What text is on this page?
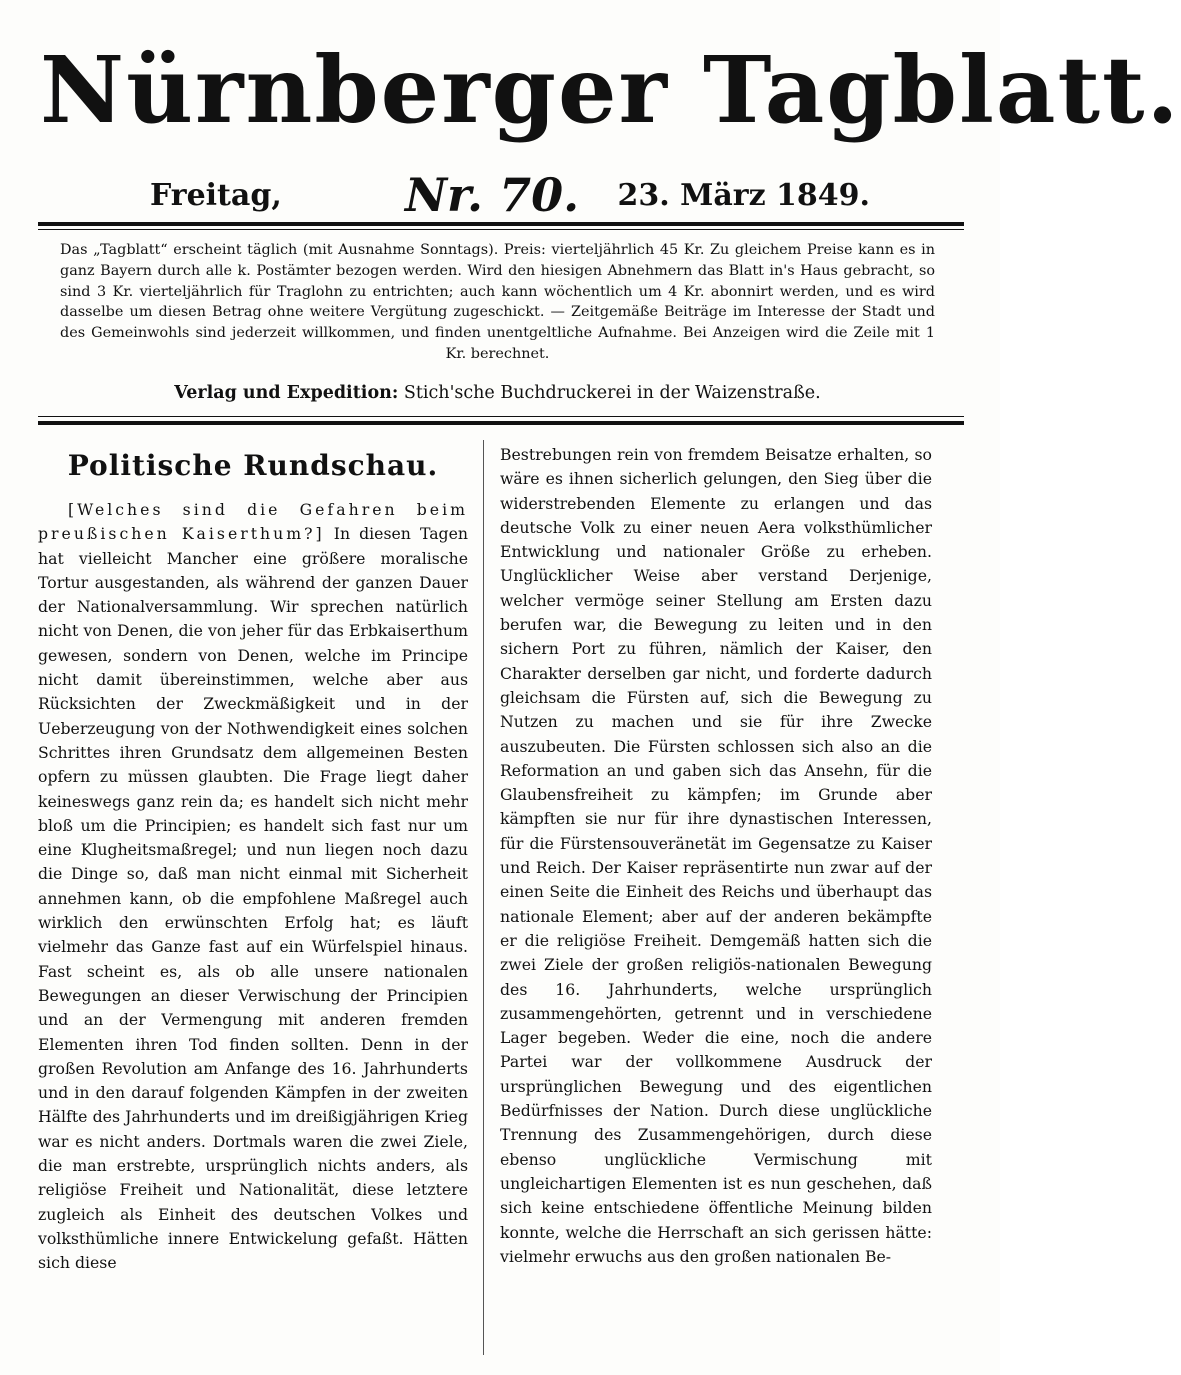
Nürnberger Tagblatt.
Freitag,	Nr. 70. 23. März 1849.
Das „Tagblatt“ erscheint täglich (mit Ausnahme Sonntags). Preis: vierteljährlich 45 Kr. Zu gleichem Preise kann es in ganz Bayern durch alle k. Postämter bezogen werden. Wird den hiesigen Abnehmern das Blatt in's Haus gebracht, so sind 3 Kr. vierteljährlich für Traglohn zu entrichten; auch kann wöchentlich um 4 Kr. abonnirt werden, und es wird dasselbe um diesen Betrag ohne weitere Vergütung zugeschickt. — Zeitgemäße Beiträge im Interesse der Stadt und des Gemeinwohls sind jederzeit willkommen, und finden unentgeltliche Aufnahme. Bei Anzeigen wird die Zeile mit 1 Kr. berechnet.
Verlag und Expedition: Stich'sche Buchdruckerei in der Waizenstraße.
Politische Rundschau.

[Welches sind die Gefahren beim preußischen Kaiserthum?] In diesen Tagen hat vielleicht Mancher eine größere moralische Tortur ausgestanden, als während der ganzen Dauer der Nationalversammlung. Wir sprechen natürlich nicht von Denen, die von jeher für das Erbkaiserthum gewesen, sondern von Denen, welche im Principe nicht damit übereinstimmen, welche aber aus Rücksichten der Zweckmäßigkeit und in der Ueberzeugung von der Nothwendigkeit eines solchen Schrittes ihren Grundsatz dem allgemeinen Besten opfern zu müssen glaubten. Die Frage liegt daher keineswegs ganz rein da; es handelt sich nicht mehr bloß um die Principien; es handelt sich fast nur um eine Klugheitsmaßregel; und nun liegen noch dazu die Dinge so, daß man nicht einmal mit Sicherheit annehmen kann, ob die empfohlene Maßregel auch wirklich den erwünschten Erfolg hat; es läuft vielmehr das Ganze fast auf ein Würfelspiel hinaus. Fast scheint es, als ob alle unsere nationalen Bewegungen an dieser Verwischung der Principien und an der Vermengung mit anderen fremden Elementen ihren Tod finden sollten. Denn in der großen Revolution am Anfange des 16. Jahrhunderts und in den darauf folgenden Kämpfen in der zweiten Hälfte des Jahrhunderts und im dreißigjährigen Krieg war es nicht anders. Dortmals waren die zwei Ziele, die man erstrebte, ursprünglich nichts anders, als religiöse Freiheit und Nationalität, diese letztere zugleich als Einheit des deutschen Volkes und volksthümliche innere Entwickelung gefaßt. Hätten sich diese

Bestrebungen rein von fremdem Beisatze erhalten, so wäre es ihnen sicherlich gelungen, den Sieg über die widerstrebenden Elemente zu erlangen und das deutsche Volk zu einer neuen Aera volksthümlicher Entwicklung und nationaler Größe zu erheben. Unglücklicher Weise aber verstand Derjenige, welcher vermöge seiner Stellung am Ersten dazu berufen war, die Bewegung zu leiten und in den sichern Port zu führen, nämlich der Kaiser, den Charakter derselben gar nicht, und forderte dadurch gleichsam die Fürsten auf, sich die Bewegung zu Nutzen zu machen und sie für ihre Zwecke auszubeuten. Die Fürsten schlossen sich also an die Reformation an und gaben sich das Ansehn, für die Glaubensfreiheit zu kämpfen; im Grunde aber kämpften sie nur für ihre dynastischen Interessen, für die Fürstensouveränetät im Gegensatze zu Kaiser und Reich. Der Kaiser repräsentirte nun zwar auf der einen Seite die Einheit des Reichs und überhaupt das nationale Element; aber auf der anderen bekämpfte er die religiöse Freiheit. Demgemäß hatten sich die zwei Ziele der großen religiös-nationalen Bewegung des 16. Jahrhunderts, welche ursprünglich zusammengehörten, getrennt und in verschiedene Lager begeben. Weder die eine, noch die andere Partei war der vollkommene Ausdruck der ursprünglichen Bewegung und des eigentlichen Bedürfnisses der Nation. Durch diese unglückliche Trennung des Zusammengehörigen, durch diese ebenso unglückliche Vermischung mit ungleichartigen Elementen ist es nun geschehen, daß sich keine entschiedene öffentliche Meinung bilden konnte, welche die Herrschaft an sich gerissen hätte: vielmehr erwuchs aus den großen nationalen Be-
